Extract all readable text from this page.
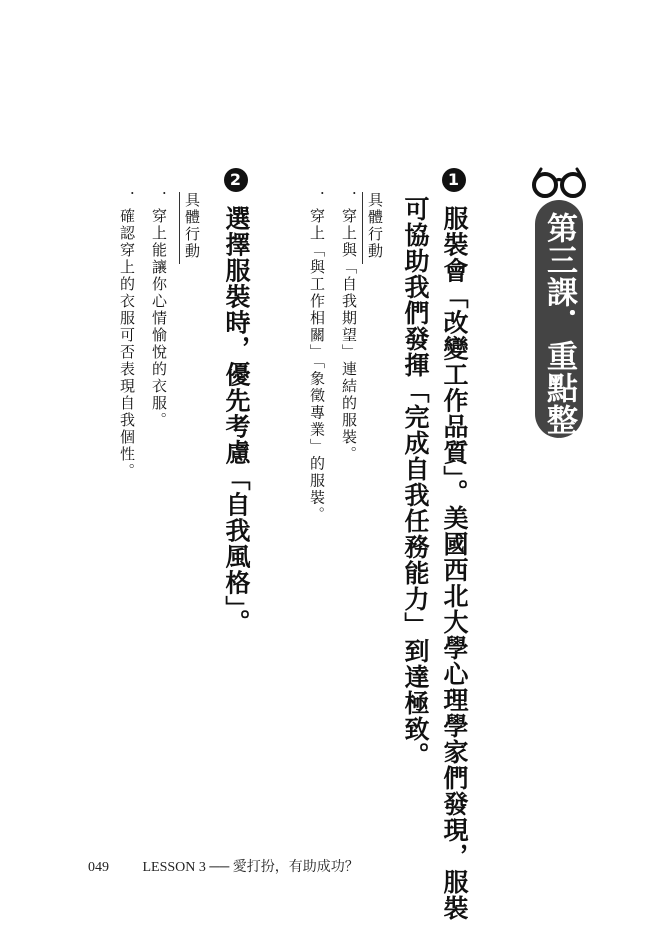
第三課．重點整理
1 服裝會「改變工作品質」。美國西北大學心理學家們發現，服裝
可協助我們發揮「完成自我任務能力」到達極致。
具體行動
．穿上與「自我期望」連結的服裝。
．穿上「與工作相關」「象徵專業」的服裝。
2 選擇服裝時，優先考慮「自我風格」。
具體行動
．穿上能讓你心情愉悅的衣服。
．確認穿上的衣服可否表現自我個性。
049 LESSON 3 ── 愛打扮，有助成功？
